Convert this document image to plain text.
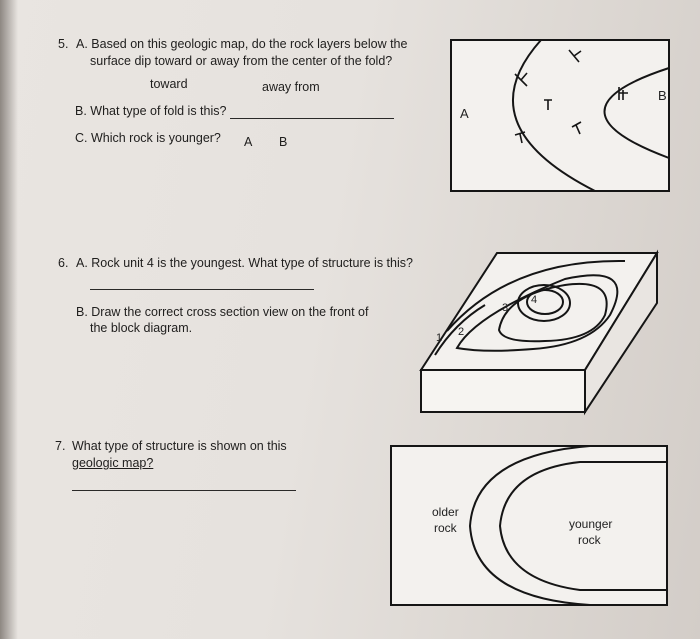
5. A. Based on this geologic map, do the rock layers below the
surface dip toward or away from the center of the fold?
toward	away from
B. What type of fold is this?
C. Which rock is younger? A B
A
B
6. A. Rock unit 4 is the youngest. What type of structure is this?
B. Draw the correct cross section view on the front of
the block diagram.
1 2
3
4
7. What type of structure is shown on this
geologic map?
older
rock	younger
rock
